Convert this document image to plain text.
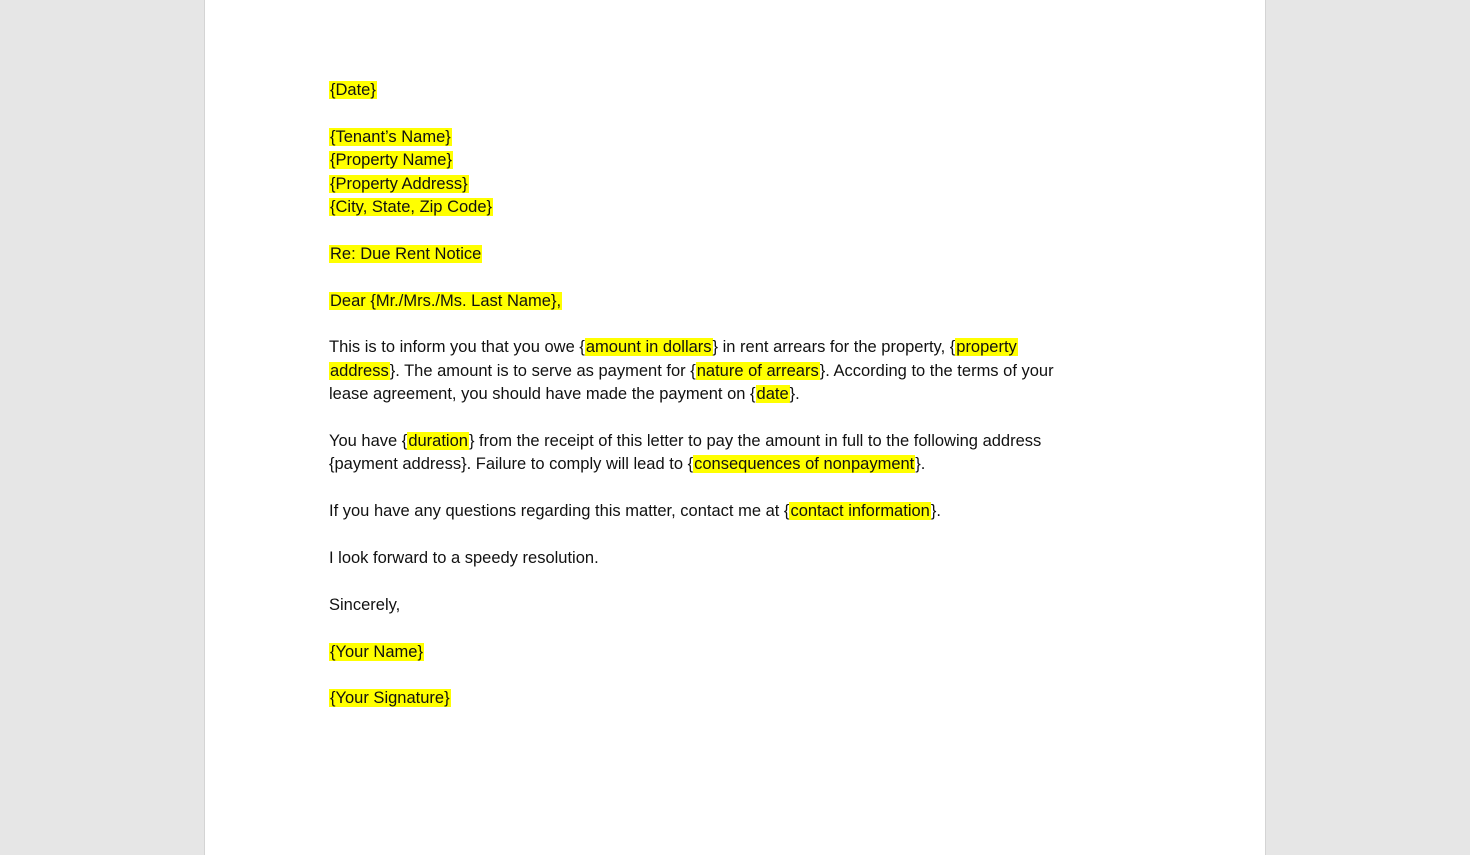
{Date}

{Tenant’s Name}
{Property Name}
{Property Address}
{City, State, Zip Code}

Re: Due Rent Notice

Dear {Mr./Mrs./Ms. Last Name},

This is to inform you that you owe {amount in dollars} in rent arrears for the property, {property
address}. The amount is to serve as payment for {nature of arrears}. According to the terms of your
lease agreement, you should have made the payment on {date}.
You have {duration} from the receipt of this letter to pay the amount in full to the following address
{payment address}. Failure to comply will lead to {consequences of nonpayment}.

If you have any questions regarding this matter, contact me at {contact information}.

I look forward to a speedy resolution.

Sincerely,

{Your Name}

{Your Signature}
